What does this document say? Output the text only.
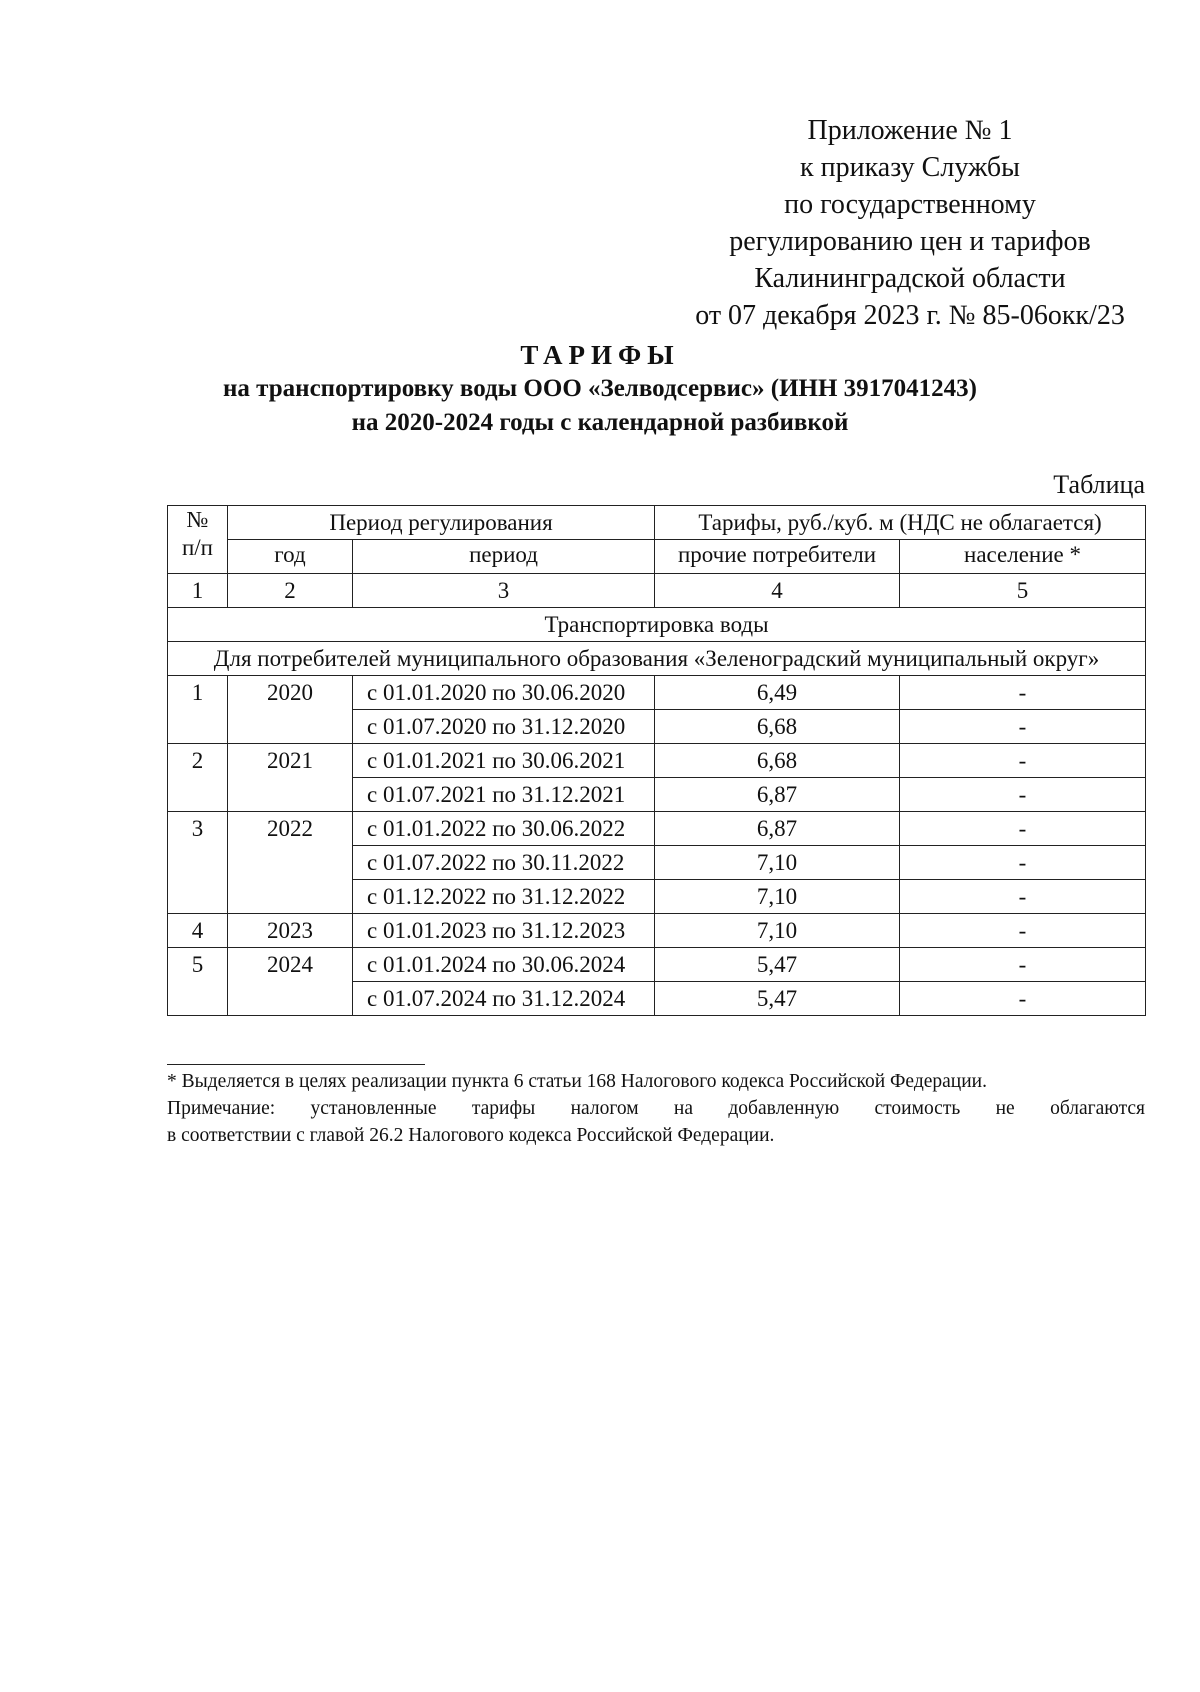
Приложение № 1
к приказу Службы
по государственному
регулированию цен и тарифов
Калининградской области
от 07 декабря 2023 г. № 85-06окк/23
ТАРИФЫ
на транспортировку воды ООО «Зелводсервис» (ИНН 3917041243)
на 2020-2024 годы с календарной разбивкой
Таблица
№
п/п	Период регулирования		Тарифы, руб./куб. м (НДС не облагается)	
	год	период	прочие потребители	население *
1	2	3	4	5
Транспортировка воды				
Для потребителей муниципального образования «Зеленоградский муниципальный округ»				
1	2020	с 01.01.2020 по 30.06.2020	6,49	-
		с 01.07.2020 по 31.12.2020	6,68	-
2	2021	с 01.01.2021 по 30.06.2021	6,68	-
		с 01.07.2021 по 31.12.2021	6,87	-
3	2022	с 01.01.2022 по 30.06.2022	6,87	-
		с 01.07.2022 по 30.11.2022	7,10	-
		с 01.12.2022 по 31.12.2022	7,10	-
4	2023	с 01.01.2023 по 31.12.2023	7,10	-
5	2024	с 01.01.2024 по 30.06.2024	5,47	-
		с 01.07.2024 по 31.12.2024	5,47	-
* Выделяется в целях реализации пункта 6 статьи 168 Налогового кодекса Российской Федерации.
Примечание: установленные тарифы налогом на добавленную стоимость не облагаются
в соответствии с главой 26.2 Налогового кодекса Российской Федерации.
